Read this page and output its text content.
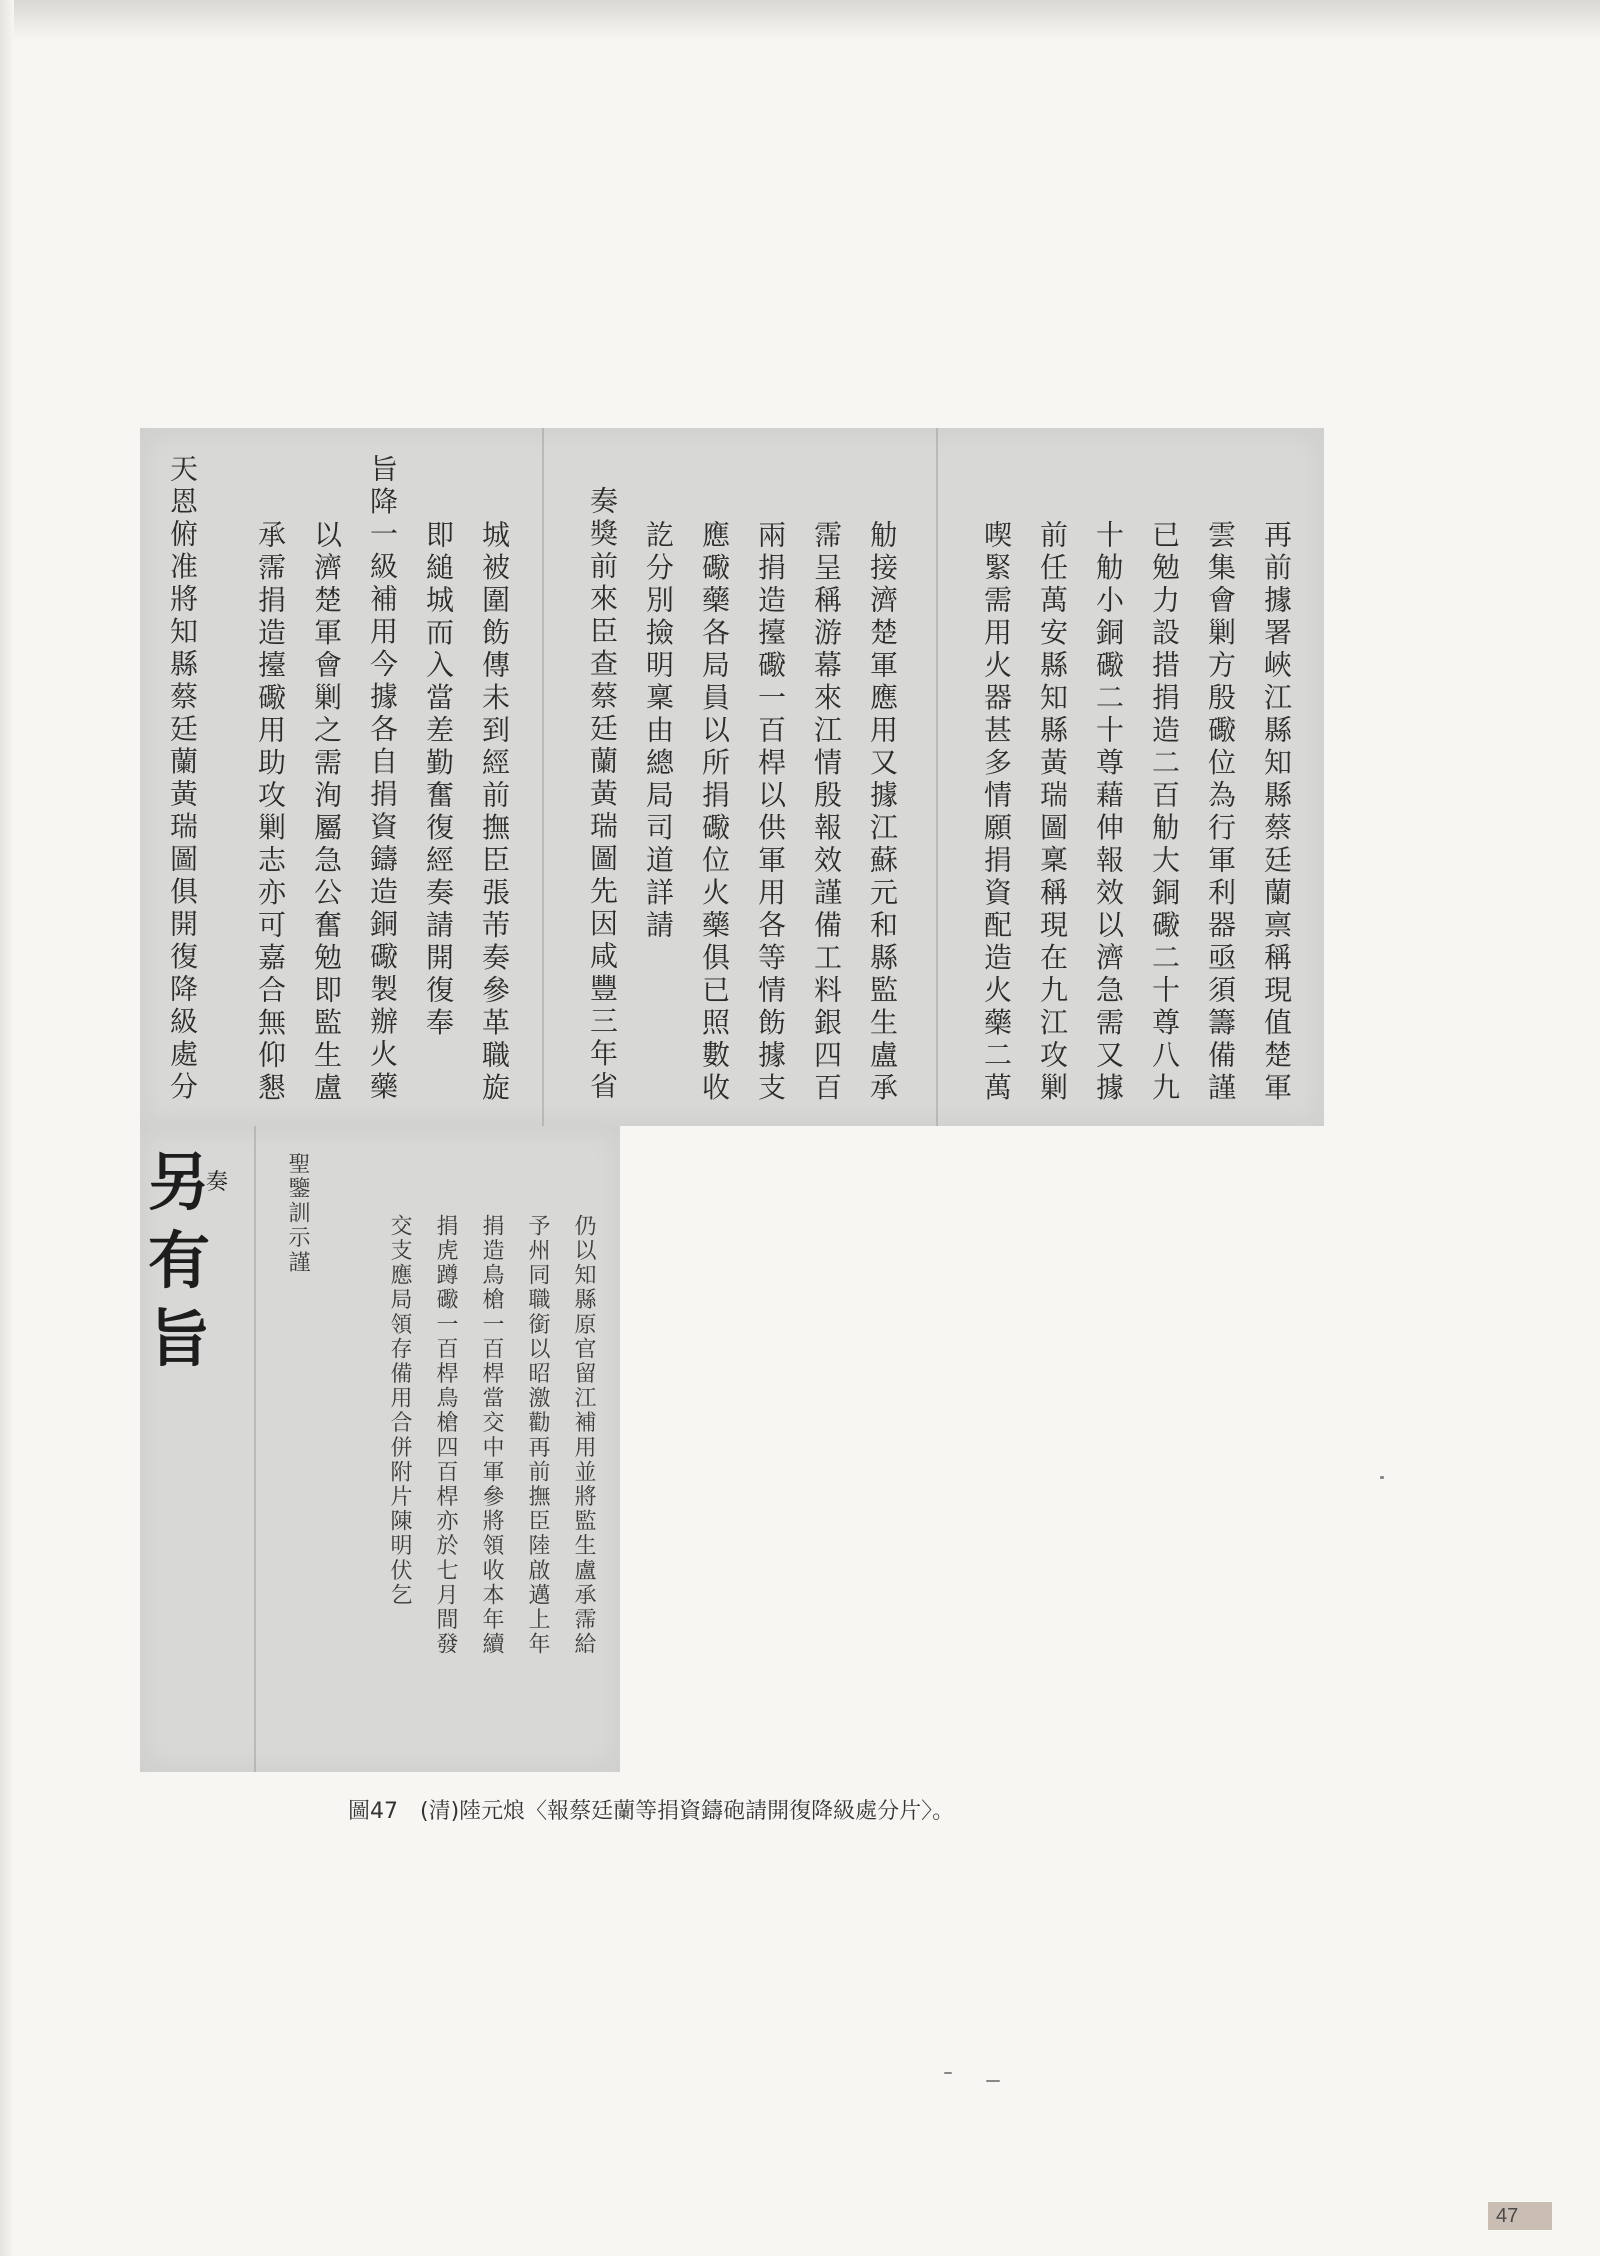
再前據署峽江縣知縣蔡廷蘭禀稱現值楚軍
雲集會剿方殷礮位為行軍利器亟須籌備謹
已勉力設措捐造二百觔大銅礮二十尊八九
十觔小銅礮二十尊藉伸報效以濟急需又據
前任萬安縣知縣黃瑞圖稟稱現在九江攻剿
喫緊需用火器甚多情願捐資配造火藥二萬
觔接濟楚軍應用又據江蘇元和縣監生盧承
霈呈稱游幕來江情殷報效謹備工料銀四百
兩捐造擡礮一百桿以供軍用各等情飭據支
應礮藥各局員以所捐礮位火藥俱已照數收
訖分別撿明稟由總局司道詳請
奏獎前來臣查蔡廷蘭黃瑞圖先因咸豐三年省
城被圍飭傳未到經前撫臣張芾奏參革職旋
即縋城而入當差勤奮復經奏請開復奉
旨降一級補用今據各自捐資鑄造銅礮製辦火藥
以濟楚軍會剿之需洵屬急公奮勉即監生盧
承霈捐造擡礮用助攻剿志亦可嘉合無仰懇
天恩俯准將知縣蔡廷蘭黃瑞圖俱開復降級處分
仍以知縣原官留江補用並將監生盧承霈給
予州同職銜以昭激勸再前撫臣陸啟邁上年
捐造鳥槍一百桿當交中軍參將領收本年續
捐虎蹲礮一百桿鳥槍四百桿亦於七月間發
交支應局領存備用合併附片陳明伏乞
聖鑒訓示謹
另
奏
有
旨
圖47　(清)陸元烺〈報蔡廷蘭等捐資鑄砲請開復降級處分片〉。
47
